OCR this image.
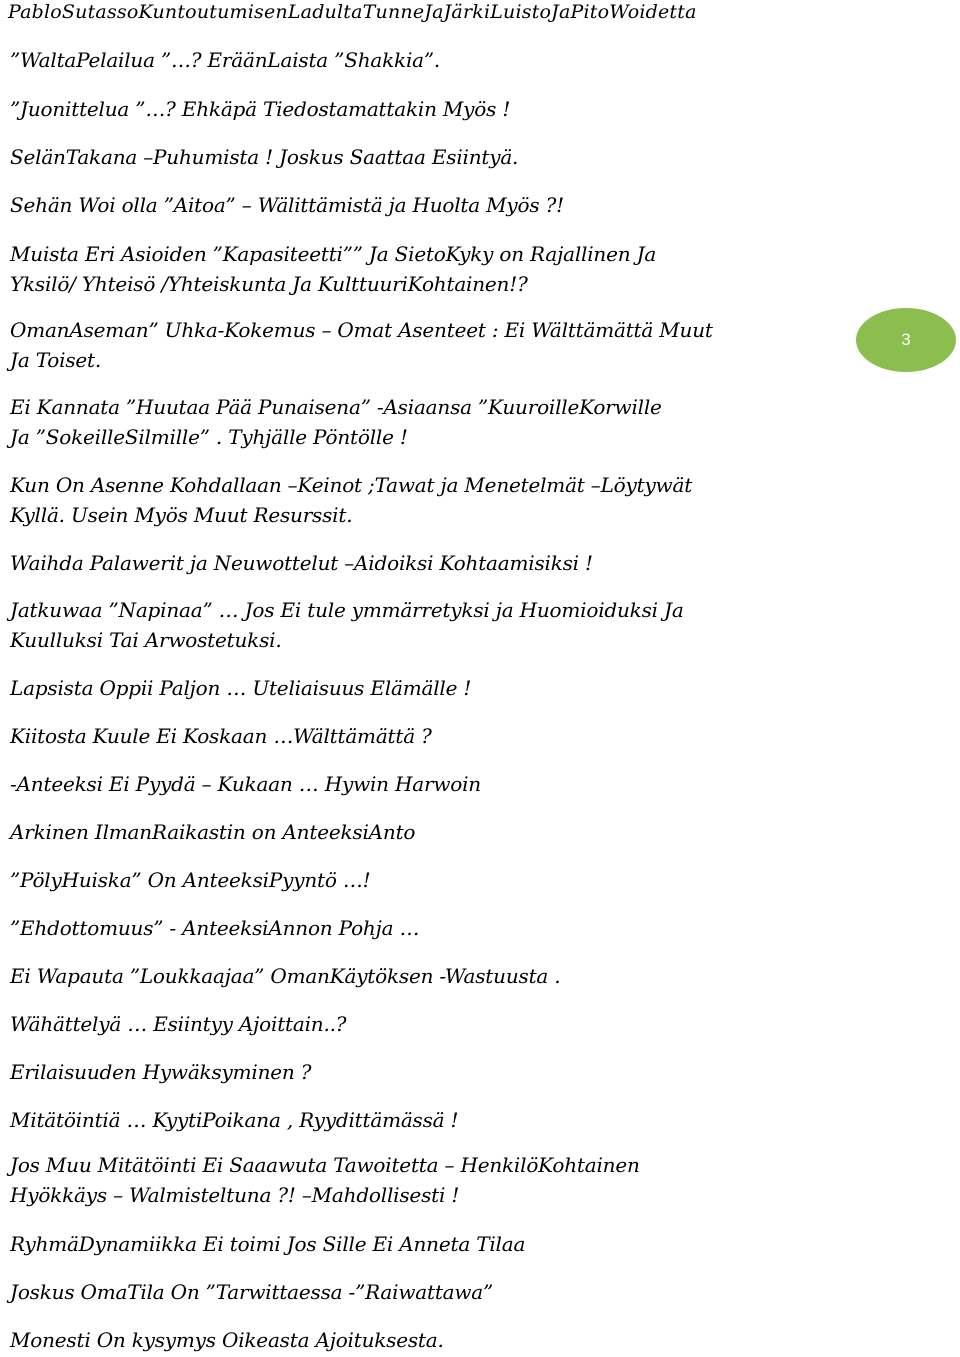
PabloSutassoKuntoutumisenLadultaTunneJaJärkiLuistoJaPitoWoidetta
3
”WaltaPelailua ”…? EräänLaista ”Shakkia”.
”Juonittelua ”…? Ehkäpä Tiedostamattakin Myös !
SelänTakana –Puhumista ! Joskus Saattaa Esiintyä.
Sehän Woi olla ”Aitoa” – Wälittämistä ja Huolta Myös ?!
Muista Eri Asioiden ”Kapasiteetti”” Ja SietoKyky on Rajallinen Ja
Yksilö/ Yhteisö /Yhteiskunta Ja KulttuuriKohtainen!?
OmanAseman” Uhka-Kokemus – Omat Asenteet : Ei Wälttämättä Muut
Ja Toiset.
Ei Kannata ”Huutaa Pää Punaisena” -Asiaansa ”KuuroilleKorwille
Ja ”SokeilleSilmille” . Tyhjälle Pöntölle !
Kun On Asenne Kohdallaan –Keinot ;Tawat ja Menetelmät –Löytywät
Kyllä. Usein Myös Muut Resurssit.
Waihda Palawerit ja Neuwottelut –Aidoiksi Kohtaamisiksi !
Jatkuwaa ”Napinaa” … Jos Ei tule ymmärretyksi ja Huomioiduksi Ja
Kuulluksi Tai Arwostetuksi.
Lapsista Oppii Paljon … Uteliaisuus Elämälle !
Kiitosta Kuule Ei Koskaan …Wälttämättä ?
-Anteeksi Ei Pyydä – Kukaan … Hywin Harwoin
Arkinen IlmanRaikastin on AnteeksiAnto
”PölyHuiska” On AnteeksiPyyntö …!
”Ehdottomuus” - AnteeksiAnnon Pohja …
Ei Wapauta ”Loukkaajaa” OmanKäytöksen -Wastuusta .
Wähättelyä … Esiintyy Ajoittain..?
Erilaisuuden Hywäksyminen ?
Mitätöintiä … KyytiPoikana , Ryydittämässä !
Jos Muu Mitätöinti Ei Saaawuta Tawoitetta – HenkilöKohtainen
Hyökkäys – Walmisteltuna ?! –Mahdollisesti !
RyhmäDynamiikka Ei toimi Jos Sille Ei Anneta Tilaa
Joskus OmaTila On ”Tarwittaessa -”Raiwattawa”
Monesti On kysymys Oikeasta Ajoituksesta.
